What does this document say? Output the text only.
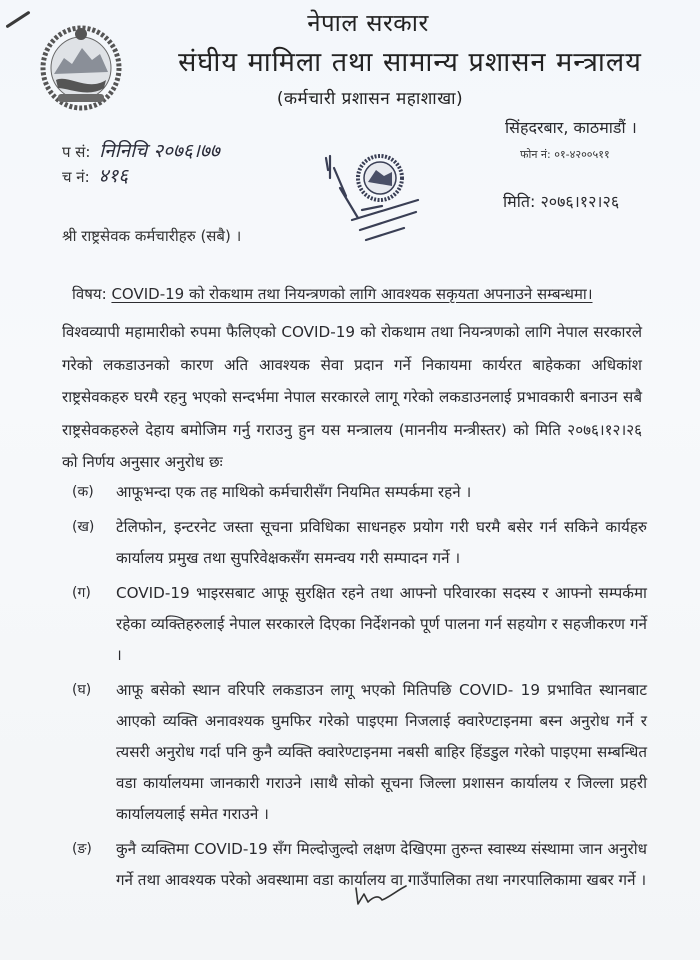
नेपाल सरकार
संघीय मामिला तथा सामान्य प्रशासन मन्त्रालय
(कर्मचारी प्रशासन महाशाखा)
सिंहदरबार, काठमाडौं ।
फोन नं: ०१-४२००५११
मिति: २०७६।१२।२६
प सं: निनिचि २०७६।७७
च नं: ४१६
श्री राष्ट्रसेवक कर्मचारीहरु (सबै) ।
विषय: COVID-19 को रोकथाम तथा नियन्त्रणको लागि आवश्यक सकृयता अपनाउने सम्बन्धमा।
विश्वव्यापी महामारीको रुपमा फैलिएको COVID-19 को रोकथाम तथा नियन्त्रणको लागि नेपाल सरकारले गरेको लकडाउनको कारण अति आवश्यक सेवा प्रदान गर्ने निकायमा कार्यरत बाहेकका अधिकांश राष्ट्रसेवकहरु घरमै रहनु भएको सन्दर्भमा नेपाल सरकारले लागू गरेको लकडाउनलाई प्रभावकारी बनाउन सबै राष्ट्रसेवकहरुले देहाय बमोजिम गर्नु गराउनु हुन यस मन्त्रालय (माननीय मन्त्रीस्तर) को मिति २०७६।१२।२६ को निर्णय अनुसार अनुरोध छः
(क) आफूभन्दा एक तह माथिको कर्मचारीसँग नियमित सम्पर्कमा रहने ।
(ख) टेलिफोन, इन्टरनेट जस्ता सूचना प्रविधिका साधनहरु प्रयोग गरी घरमै बसेर गर्न सकिने कार्यहरु कार्यालय प्रमुख तथा सुपरिवेक्षकसँग समन्वय गरी सम्पादन गर्ने ।
(ग) COVID-19 भाइरसबाट आफू सुरक्षित रहने तथा आफ्नो परिवारका सदस्य र आफ्नो सम्पर्कमा रहेका व्यक्तिहरुलाई नेपाल सरकारले दिएका निर्देशनको पूर्ण पालना गर्न सहयोग र सहजीकरण गर्ने ।
(घ) आफू बसेको स्थान वरिपरि लकडाउन लागू भएको मितिपछि COVID- 19 प्रभावित स्थानबाट आएको व्यक्ति अनावश्यक घुमफिर गरेको पाइएमा निजलाई क्वारेण्टाइनमा बस्न अनुरोध गर्ने र त्यसरी अनुरोध गर्दा पनि कुनै व्यक्ति क्वारेण्टाइनमा नबसी बाहिर हिंडडुल गरेको पाइएमा सम्बन्धित वडा कार्यालयमा जानकारी गराउने ।साथै सोको सूचना जिल्ला प्रशासन कार्यालय र जिल्ला प्रहरी कार्यालयलाई समेत गराउने ।
(ङ) कुनै व्यक्तिमा COVID-19 सँग मिल्दोजुल्दो लक्षण देखिएमा तुरुन्त स्वास्थ्य संस्थामा जान अनुरोध गर्ने तथा आवश्यक परेको अवस्थामा वडा कार्यालय वा गाउँपालिका तथा नगरपालिकामा खबर गर्ने ।
